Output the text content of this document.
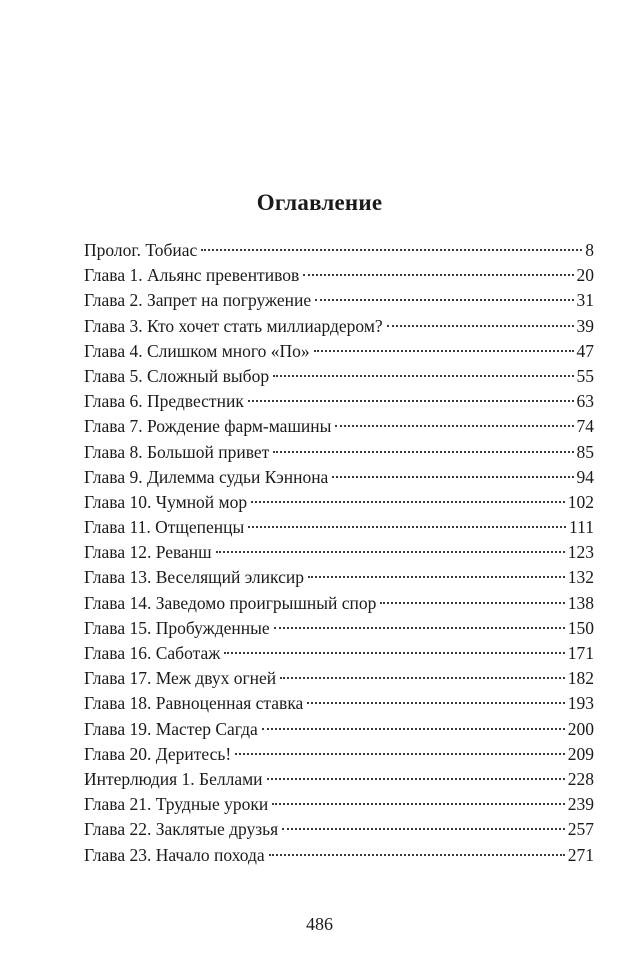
Оглавление
Пролог. Тобиас	8
Глава 1. Альянс превентивов	20
Глава 2. Запрет на погружение	31
Глава 3. Кто хочет стать миллиардером?	39
Глава 4. Слишком много «По»	47
Глава 5. Сложный выбор	55
Глава 6. Предвестник	63
Глава 7. Рождение фарм-машины	74
Глава 8. Большой привет	85
Глава 9. Дилемма судьи Кэннона	94
Глава 10. Чумной мор	102
Глава 11. Отщепенцы	111
Глава 12. Реванш	123
Глава 13. Веселящий эликсир	132
Глава 14. Заведомо проигрышный спор	138
Глава 15. Пробужденные	150
Глава 16. Саботаж	171
Глава 17. Меж двух огней	182
Глава 18. Равноценная ставка	193
Глава 19. Мастер Сагда	200
Глава 20. Деритесь!	209
Интерлюдия 1. Беллами	228
Глава 21. Трудные уроки	239
Глава 22. Заклятые друзья	257
Глава 23. Начало похода	271
486
